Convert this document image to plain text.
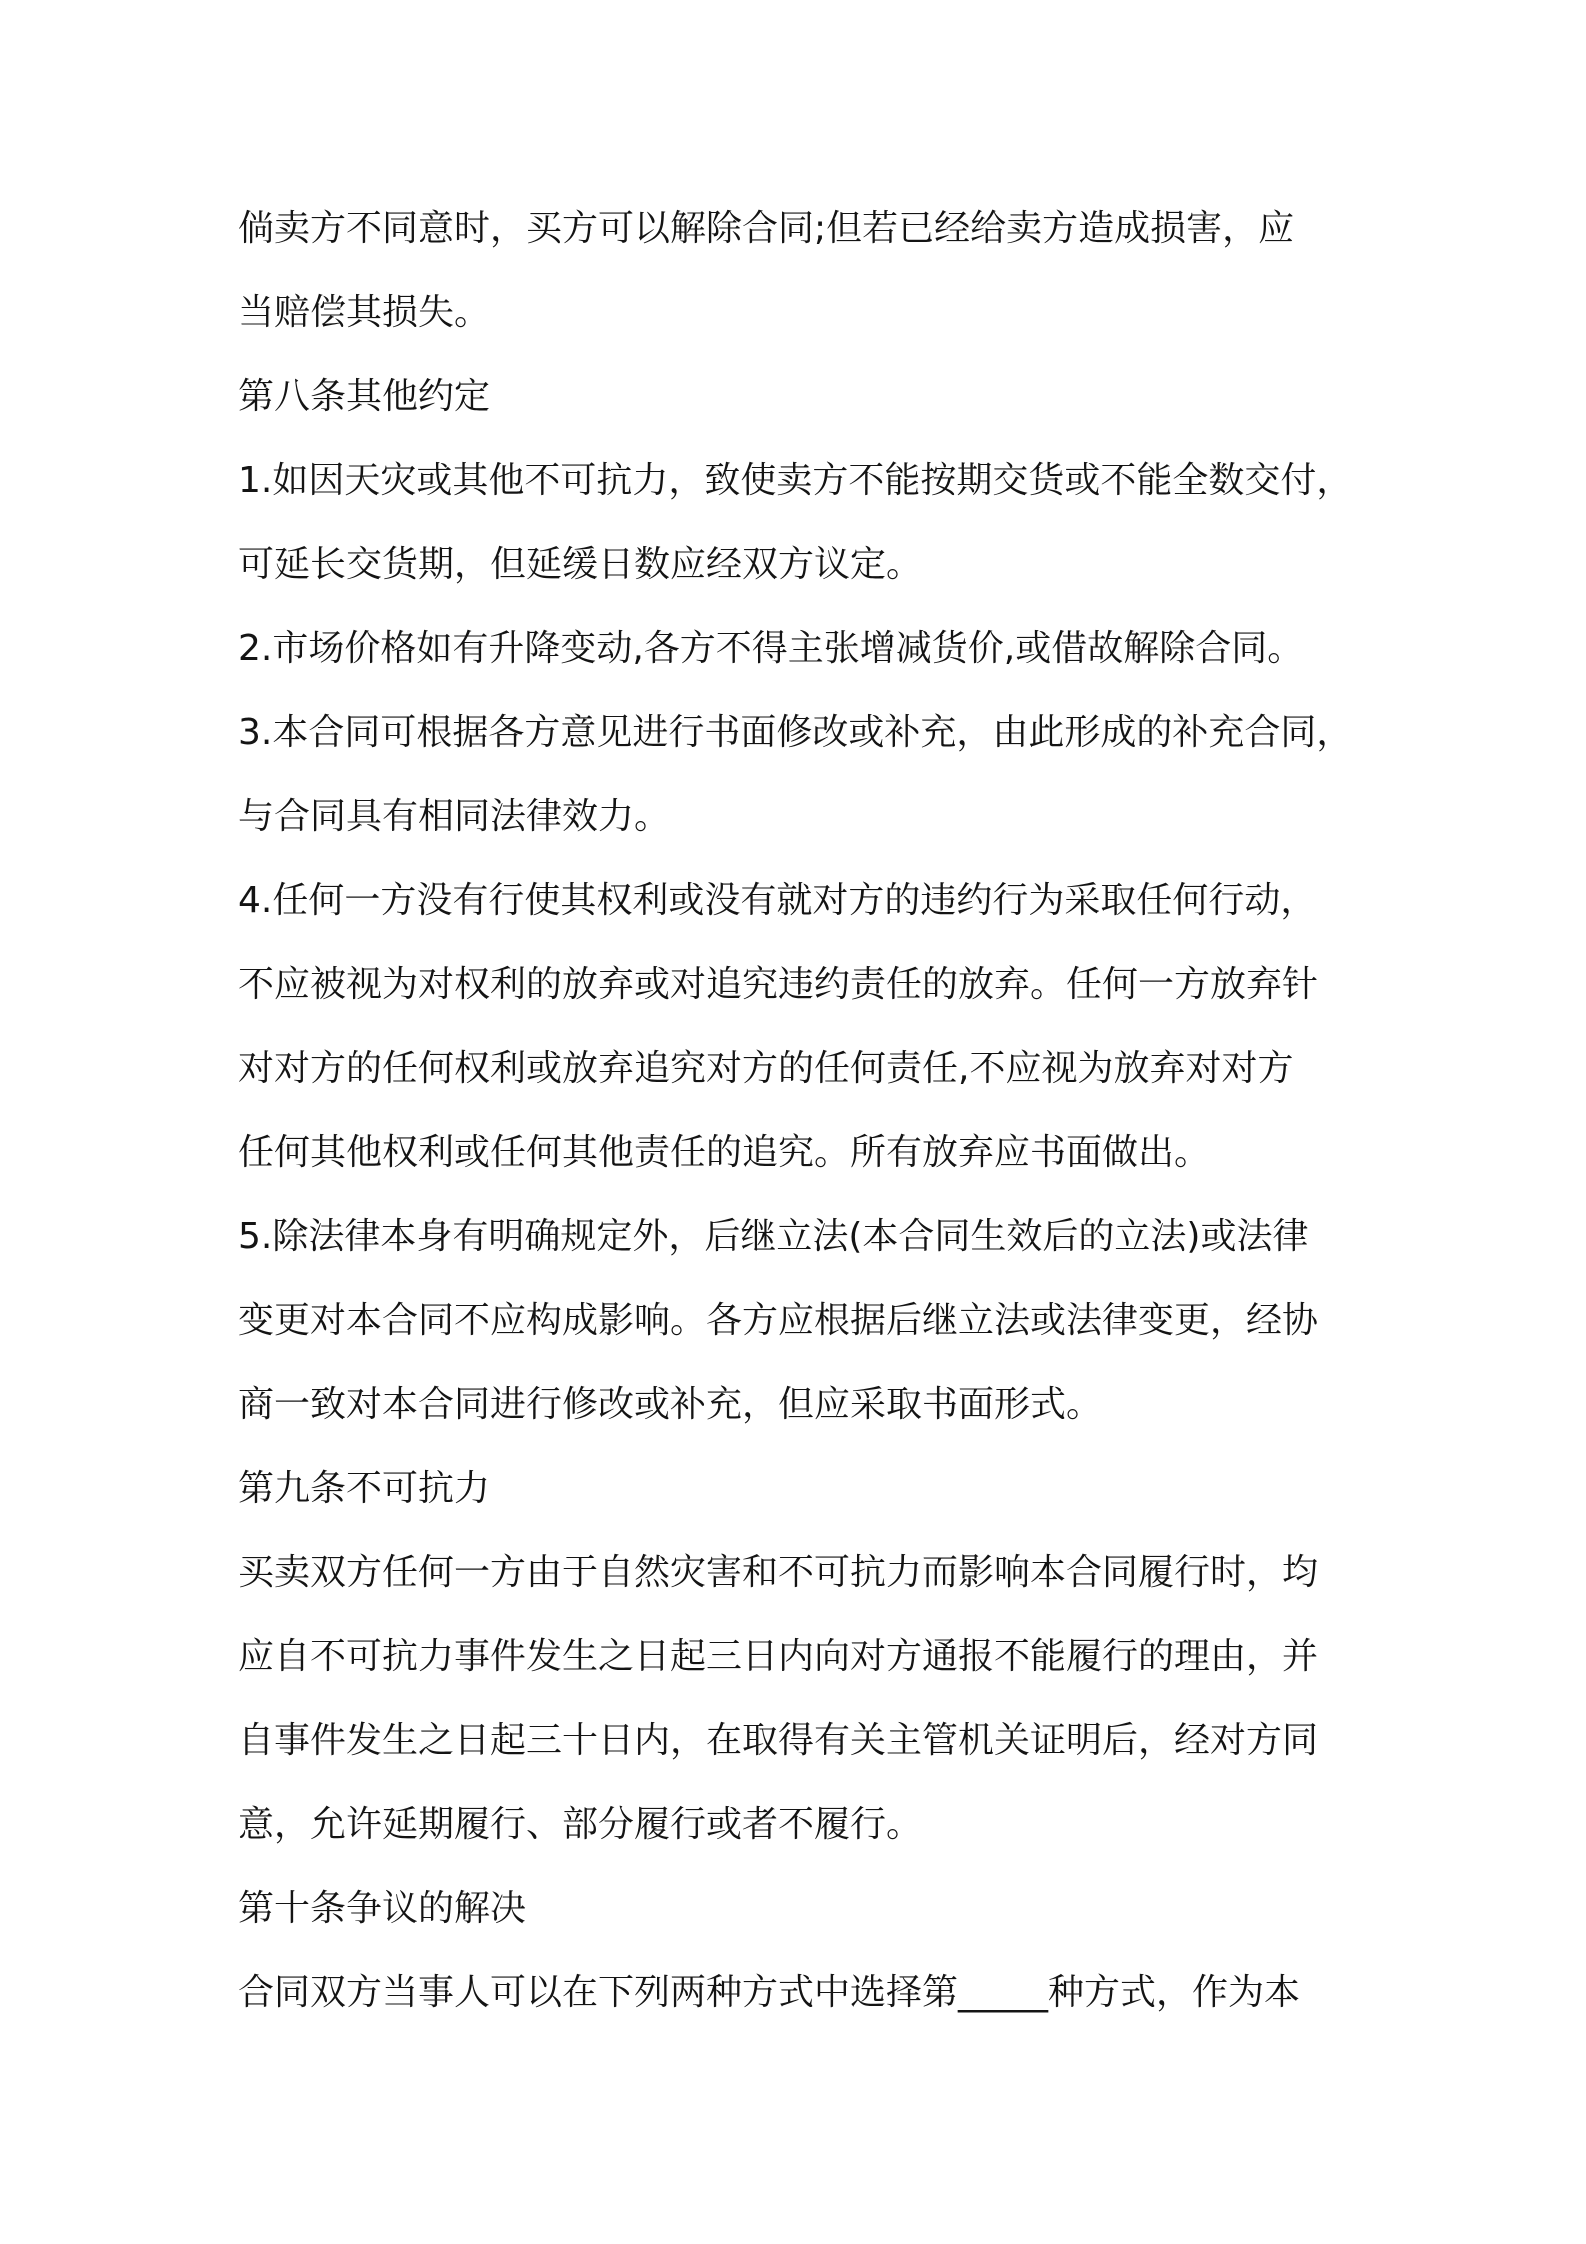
倘卖方不同意时，买方可以解除合同;但若已经给卖方造成损害，应
当赔偿其损失。
第八条其他约定
1.如因天灾或其他不可抗力，致使卖方不能按期交货或不能全数交付，
可延长交货期，但延缓日数应经双方议定。
2.市场价格如有升降变动,各方不得主张增减货价,或借故解除合同。
3.本合同可根据各方意见进行书面修改或补充，由此形成的补充合同，
与合同具有相同法律效力。
4.任何一方没有行使其权利或没有就对方的违约行为采取任何行动，
不应被视为对权利的放弃或对追究违约责任的放弃。任何一方放弃针
对对方的任何权利或放弃追究对方的任何责任,不应视为放弃对对方
任何其他权利或任何其他责任的追究。所有放弃应书面做出。
5.除法律本身有明确规定外，后继立法(本合同生效后的立法)或法律
变更对本合同不应构成影响。各方应根据后继立法或法律变更，经协
商一致对本合同进行修改或补充，但应采取书面形式。
第九条不可抗力
买卖双方任何一方由于自然灾害和不可抗力而影响本合同履行时，均
应自不可抗力事件发生之日起三日内向对方通报不能履行的理由，并
自事件发生之日起三十日内，在取得有关主管机关证明后，经对方同
意，允许延期履行、部分履行或者不履行。
第十条争议的解决
合同双方当事人可以在下列两种方式中选择第_____种方式，作为本
